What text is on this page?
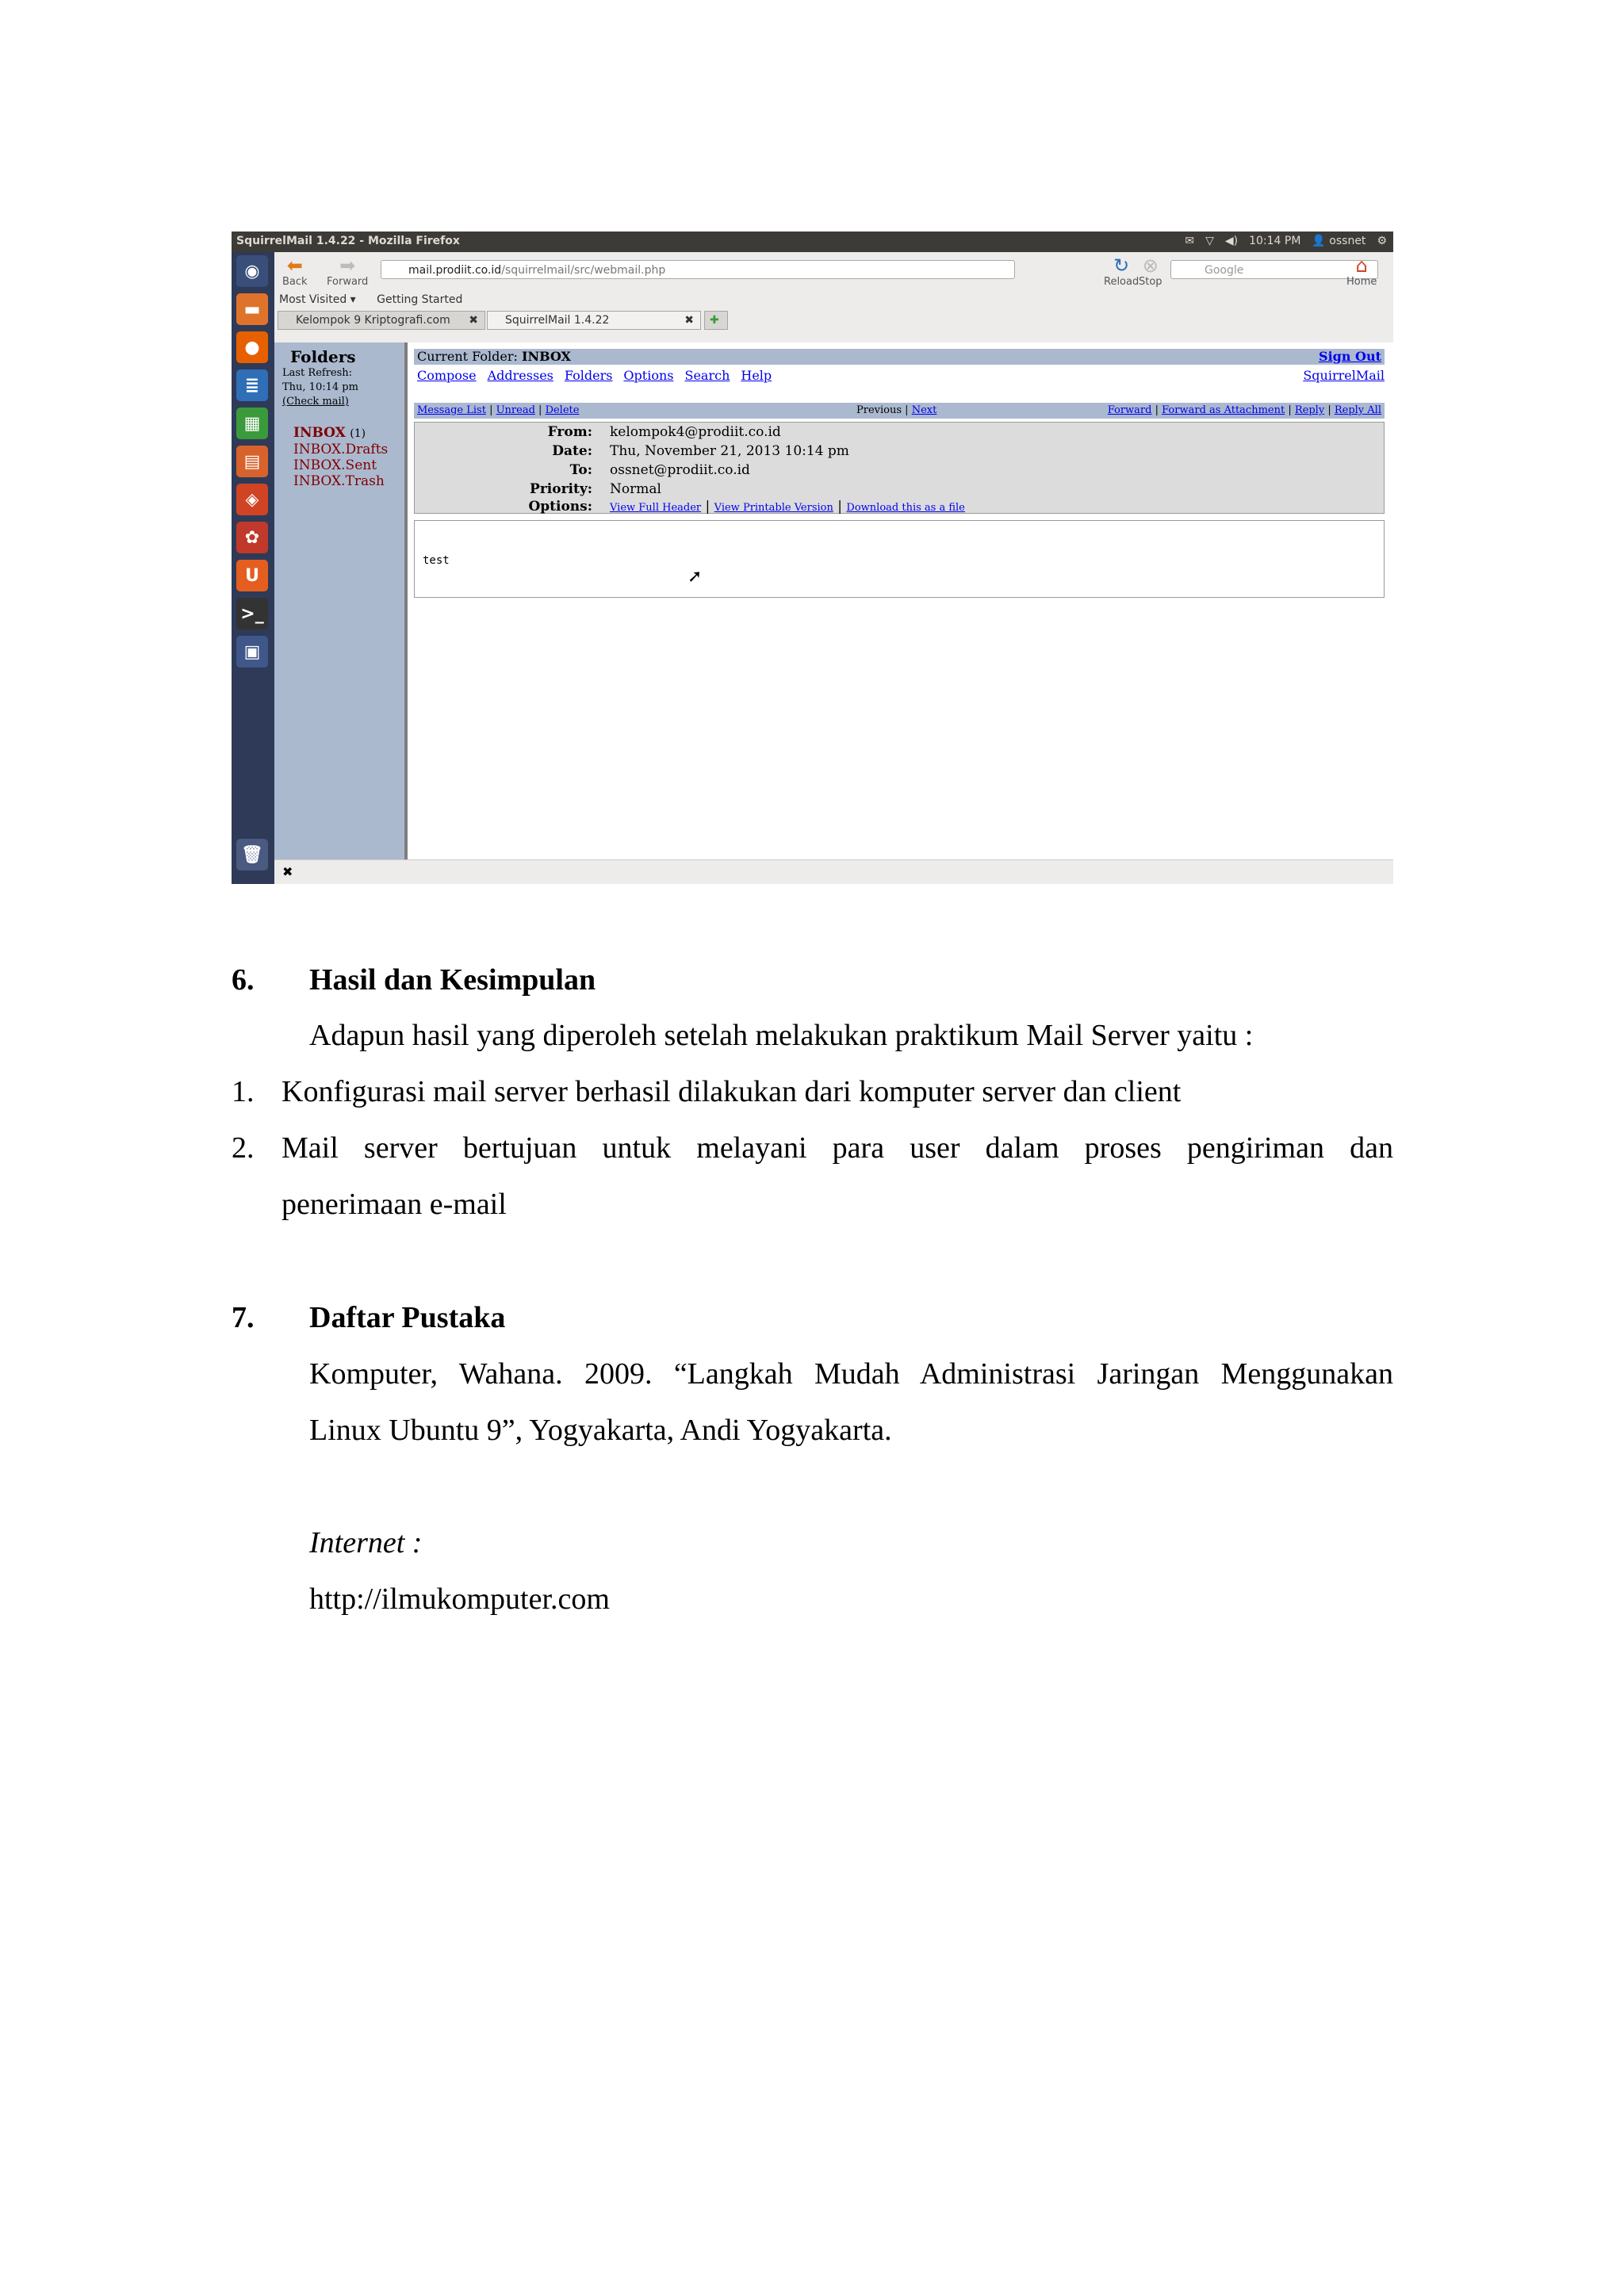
SquirrelMail 1.4.22 - Mozilla Firefox	✉ ▽ ◀) 10:14 PM 👤 ossnet ⚙
◉
▬
●
≣
▦
▤
◈
✿
U
>_
▣
🗑
⬅
Back
➡
Forward
mail.prodiit.co.id/squirrelmail/src/webmail.php	↻
Reload
⊗
Stop
Google	⌂
Home
Most Visited ▾ Getting Started
Kelompok 9 Kriptografi.com ✖	SquirrelMail 1.4.22	✖	✚
Folders
Last Refresh:
Thu, 10:14 pm
(Check mail)
INBOX (1)
INBOX.Drafts
INBOX.Sent
INBOX.Trash
Current Folder: INBOX	Sign Out
Compose Addresses Folders Options Search Help	SquirrelMail
Message List | Unread | Delete	Previous | Next	Forward | Forward as Attachment | Reply | Reply All
From: kelompok4@prodiit.co.id
Date: Thu, November 21, 2013 10:14 pm
To: ossnet@prodiit.co.id
Priority: Normal
Options: View Full Header | View Printable Version | Download this as a file
test
➚
✖
6. Hasil dan Kesimpulan
Adapun hasil yang diperoleh setelah melakukan praktikum Mail Server yaitu :
1. Konfigurasi mail server berhasil dilakukan dari komputer server dan client
2. Mail server bertujuan untuk melayani para user dalam proses pengiriman dan
penerimaan e-mail
7. Daftar Pustaka
Komputer, Wahana. 2009. “Langkah Mudah Administrasi Jaringan Menggunakan
Linux Ubuntu 9”, Yogyakarta, Andi Yogyakarta.
Internet :
http://ilmukomputer.com
